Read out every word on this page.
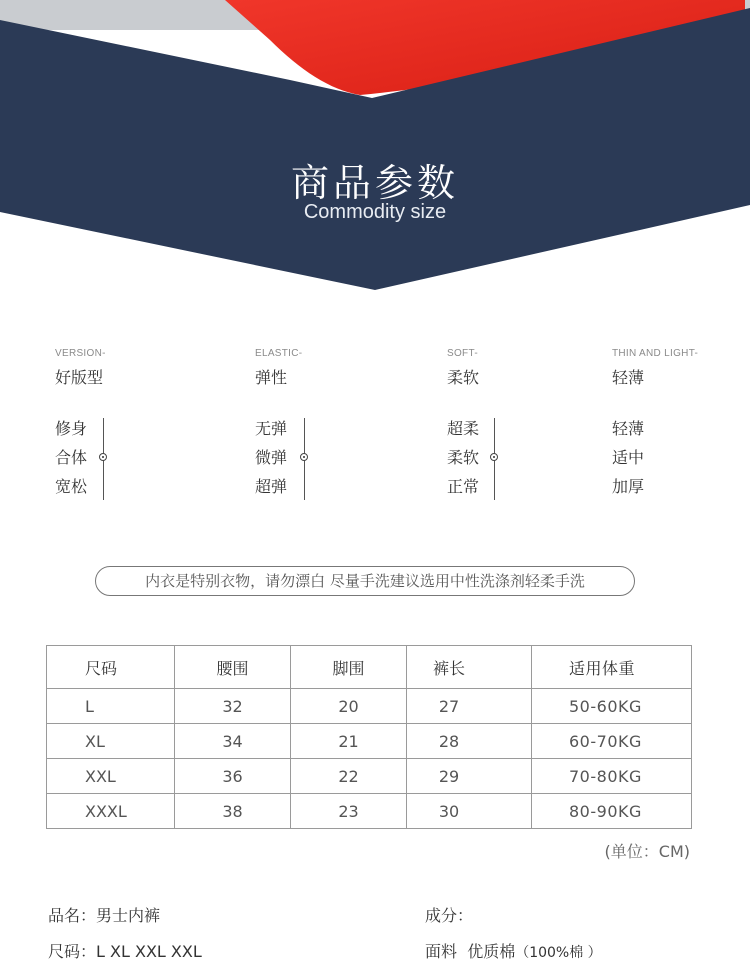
商品参数
Commodity size
VERSION-
好版型
修身
合体
宽松
ELASTIC-
弹性
无弹
微弹
超弹
SOFT-
柔软
超柔
柔软
正常
THIN AND LIGHT-
轻薄
轻薄
适中
加厚
内衣是特别衣物，请勿漂白 尽量手洗建议选用中性洗涤剂轻柔手洗
尺码	腰围	脚围	裤长	适用体重
L	32	20	27	50-60KG
XL	34	21	28	60-70KG
XXL	36	22	29	70-80KG
XXXL	38	23	30	80-90KG
(单位：CM)
品名：男士内裤
尺码：L XL XXL XXL
成分：
面料 优质棉（100%棉 ）
